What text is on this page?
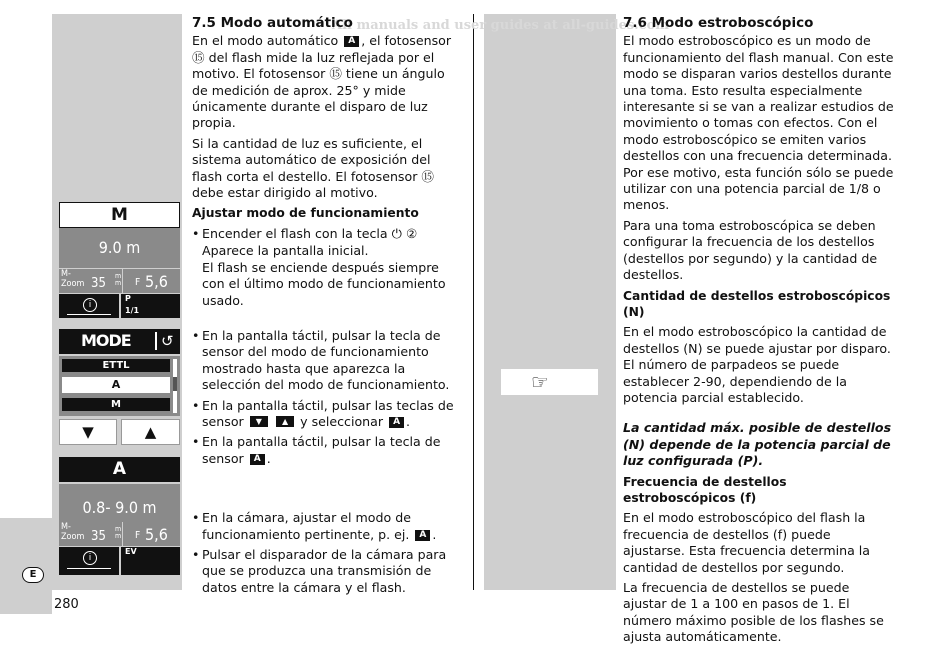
All manuals and user guides at all-guides.com
E
280
M
9.0 m
M-
Zoom 35 m
m F 5,6
i
P
1/1
MODE	↺
ETTL
A
M
▼	▲
A
0.8- 9.0 m
M-
Zoom 35 m
m F 5,6
i
EV
☞
7.5 Modo automático

En el modo automático A , el fotosensor ⑮ del flash mide la luz reflejada por el motivo. El fotosensor ⑮ tiene un ángulo de medición de aprox. 25° y mide únicamente durante el disparo de luz propia.

Si la cantidad de luz es suficiente, el sistema automático de exposición del flash corta el destello. El fotosensor ⑮ debe estar dirigido al motivo.

Ajustar modo de funcionamiento
• Encender el flash con la tecla ⏻ ②
Aparece la pantalla inicial.
El flash se enciende después siempre con el último modo de funcionamiento usado.
• En la pantalla táctil, pulsar la tecla de sensor del modo de funcionamiento mostrado hasta que aparezca la selección del modo de funcionamiento.
• En la pantalla táctil, pulsar las teclas de sensor ▼	▲ y seleccionar A .
• En la pantalla táctil, pulsar la tecla de sensor A .
• En la cámara, ajustar el modo de funcionamiento pertinente, p. ej. A .
• Pulsar el disparador de la cámara para que se produzca una transmisión de datos entre la cámara y el flash.
7.6 Modo estroboscópico

El modo estroboscópico es un modo de funcionamiento del flash manual. Con este modo se disparan varios destellos durante una toma. Esto resulta especialmente interesante si se van a realizar estudios de movimiento o tomas con efectos. Con el modo estroboscópico se emiten varios destellos con una frecuencia determinada. Por ese motivo, esta función sólo se puede utilizar con una potencia parcial de 1/8 o menos.

Para una toma estroboscópica se deben configurar la frecuencia de los destellos (destellos por segundo) y la cantidad de destellos.

Cantidad de destellos estroboscópicos (N)

En el modo estroboscópico la cantidad de destellos (N) se puede ajustar por disparo. El número de parpadeos se puede establecer 2-90, dependiendo de la potencia parcial establecido.

La cantidad máx. posible de destellos (N) depende de la potencia parcial de luz configurada (P).

Frecuencia de destellos estroboscópicos (f)

En el modo estroboscópico del flash la frecuencia de destellos (f) puede ajustarse. Esta frecuencia determina la cantidad de destellos por segundo.

La frecuencia de destellos se puede ajustar de 1 a 100 en pasos de 1. El número máximo posible de los flashes se ajusta automáticamente.
